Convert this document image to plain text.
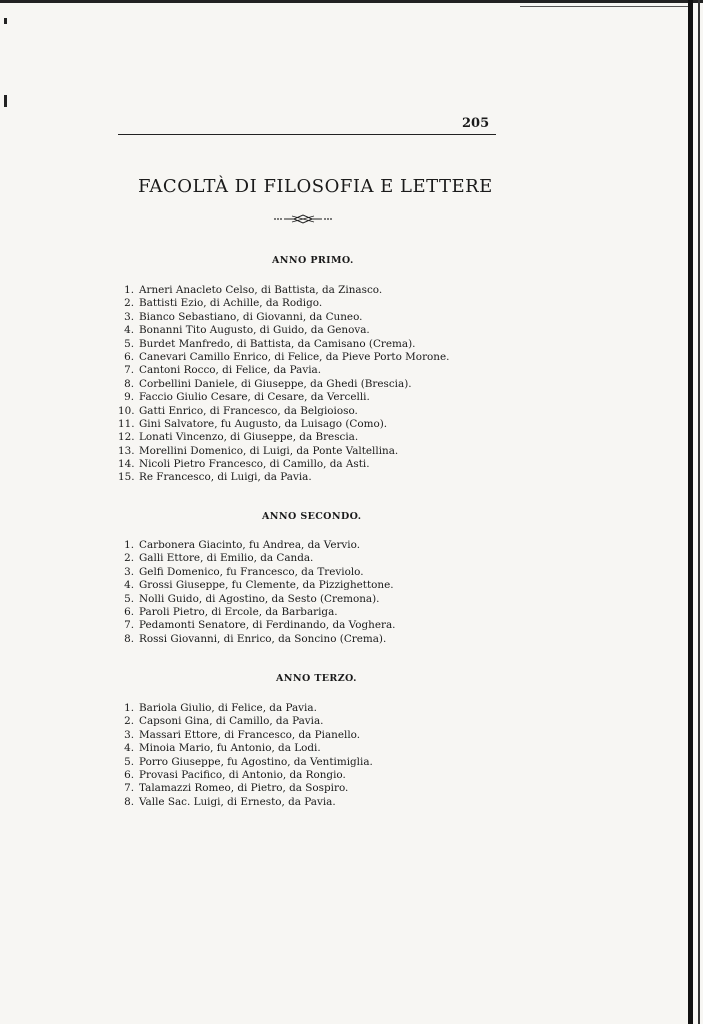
205
FACOLTÀ DI FILOSOFIA E LETTERE
ANNO PRIMO.
1. Arneri Anacleto Celso, di Battista, da Zinasco.
2. Battisti Ezio, di Achille, da Rodigo.
3. Bianco Sebastiano, di Giovanni, da Cuneo.
4. Bonanni Tito Augusto, di Guido, da Genova.
5. Burdet Manfredo, di Battista, da Camisano (Crema).
6. Canevari Camillo Enrico, di Felice, da Pieve Porto Morone.
7. Cantoni Rocco, di Felice, da Pavia.
8. Corbellini Daniele, di Giuseppe, da Ghedi (Brescia).
9. Faccio Giulio Cesare, di Cesare, da Vercelli.
10. Gatti Enrico, di Francesco, da Belgioioso.
11. Gini Salvatore, fu Augusto, da Luisago (Como).
12. Lonati Vincenzo, di Giuseppe, da Brescia.
13. Morellini Domenico, di Luigi, da Ponte Valtellina.
14. Nicoli Pietro Francesco, di Camillo, da Asti.
15. Re Francesco, di Luigi, da Pavia.
ANNO SECONDO.
1. Carbonera Giacinto, fu Andrea, da Vervio.
2. Galli Ettore, di Emilio, da Canda.
3. Gelfi Domenico, fu Francesco, da Treviolo.
4. Grossi Giuseppe, fu Clemente, da Pizzighettone.
5. Nolli Guido, di Agostino, da Sesto (Cremona).
6. Paroli Pietro, di Ercole, da Barbariga.
7. Pedamonti Senatore, di Ferdinando, da Voghera.
8. Rossi Giovanni, di Enrico, da Soncino (Crema).
ANNO TERZO.
1. Bariola Giulio, di Felice, da Pavia.
2. Capsoni Gina, di Camillo, da Pavia.
3. Massari Ettore, di Francesco, da Pianello.
4. Minoia Mario, fu Antonio, da Lodi.
5. Porro Giuseppe, fu Agostino, da Ventimiglia.
6. Provasi Pacifico, di Antonio, da Rongio.
7. Talamazzi Romeo, di Pietro, da Sospiro.
8. Valle Sac. Luigi, di Ernesto, da Pavia.
